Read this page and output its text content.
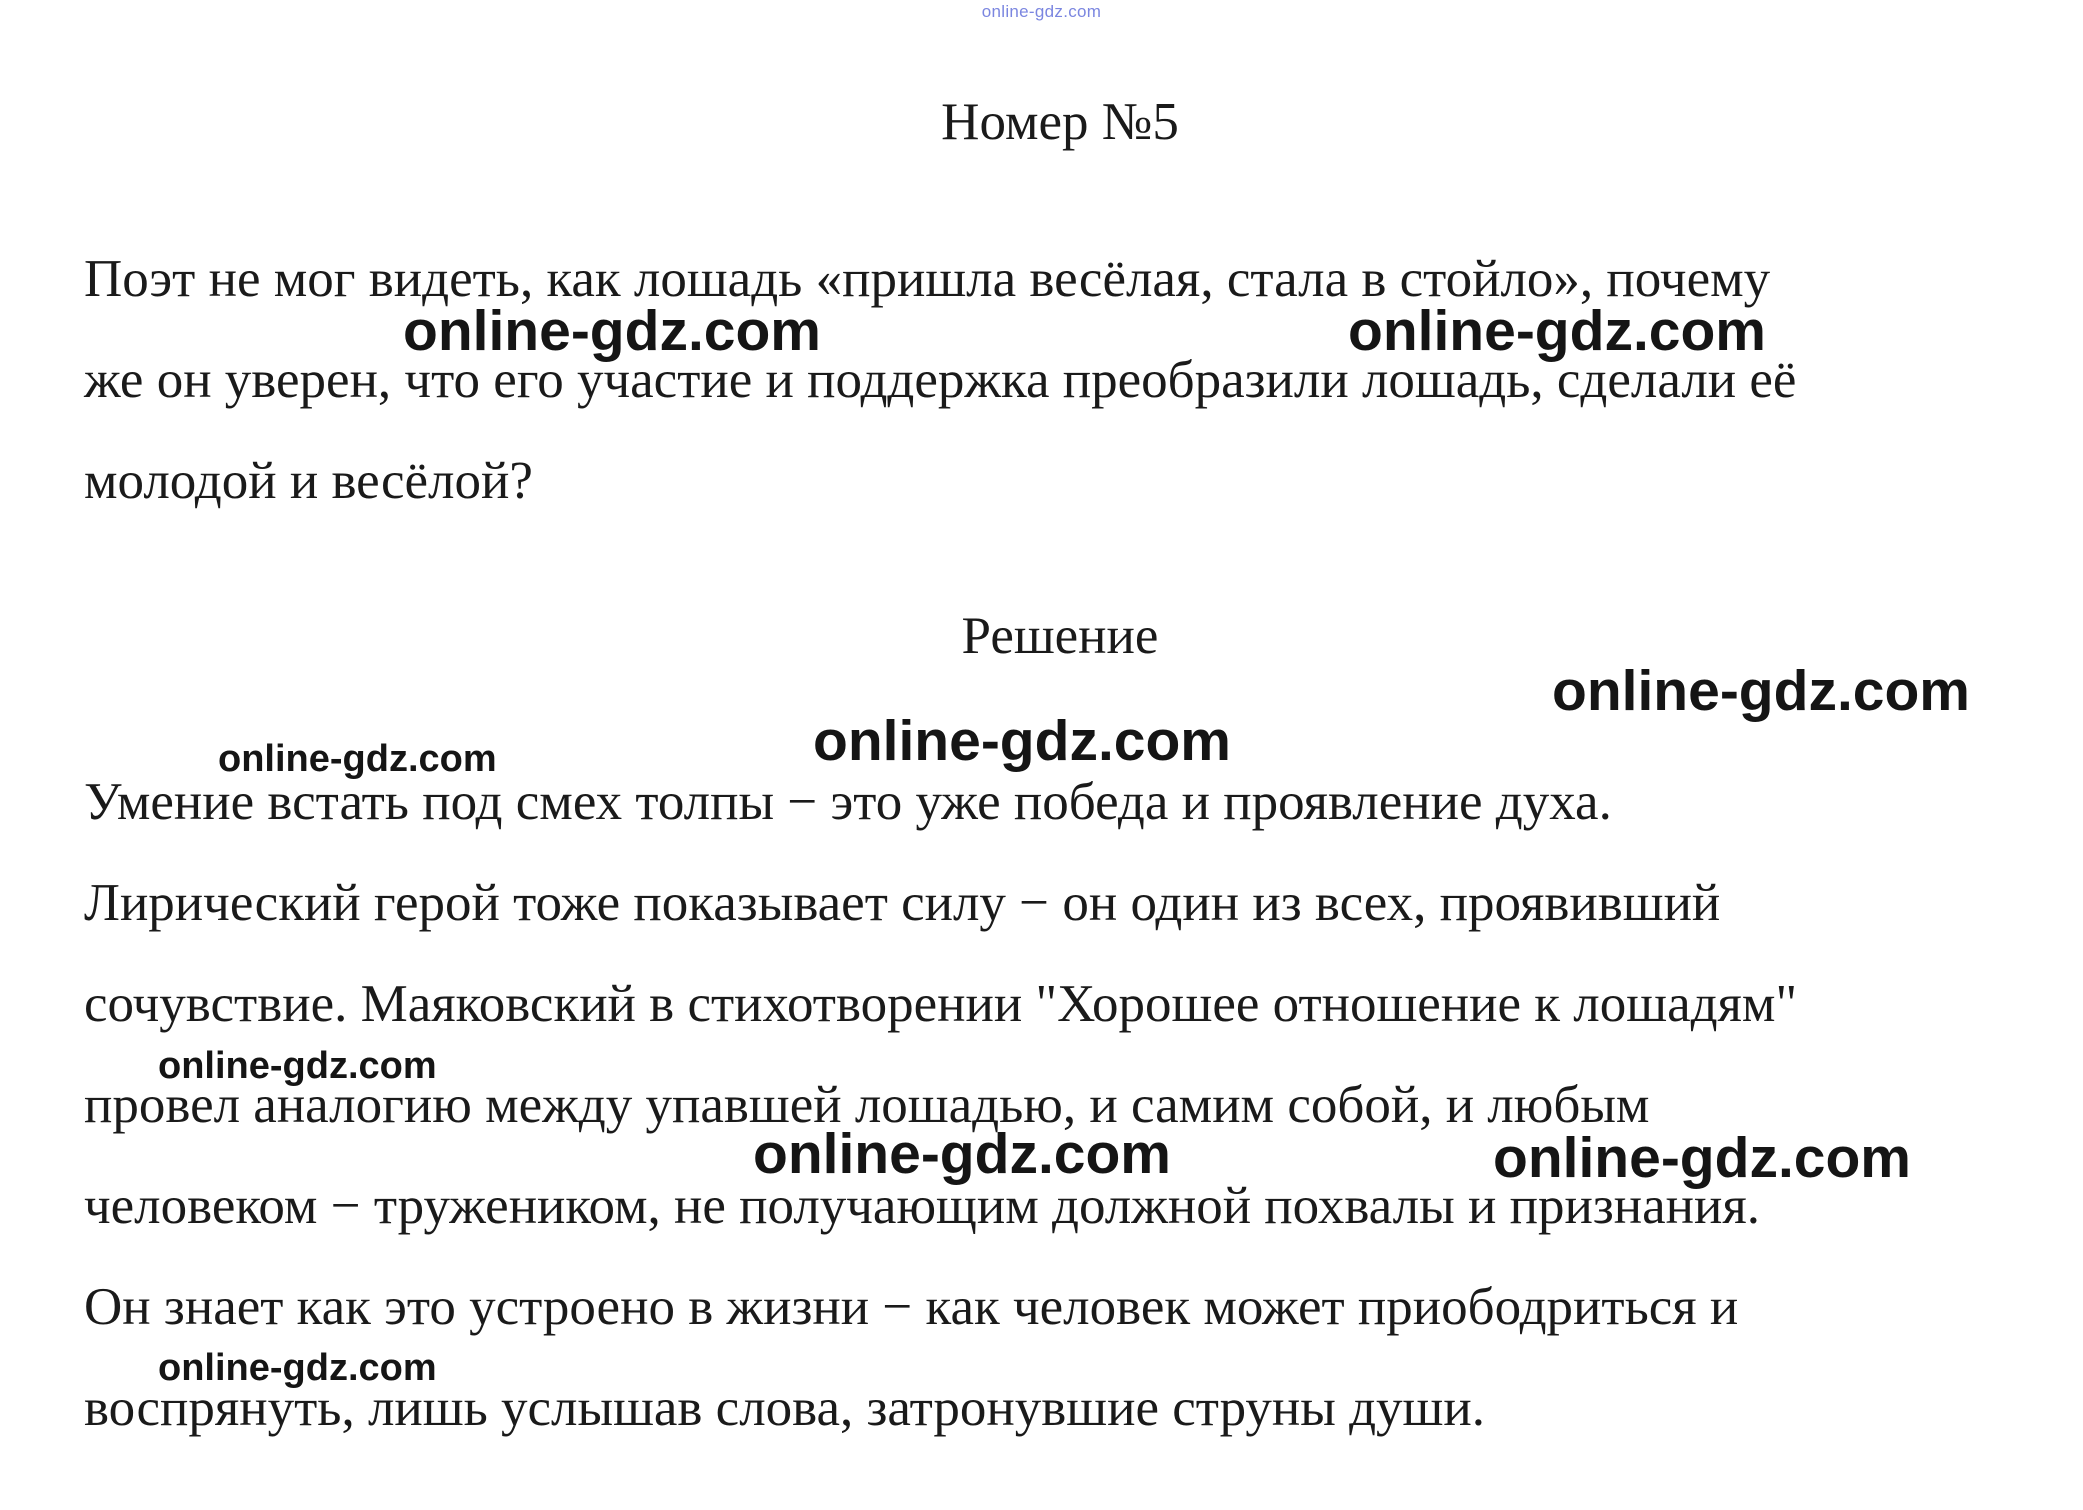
online-gdz.com
Номер №5
Поэт не мог видеть, как лошадь «пришла весёлая, стала в стойло», почему
же он уверен, что его участие и поддержка преобразили лошадь, сделали её
молодой и весёлой?
Решение
Умение встать под смех толпы − это уже победа и проявление духа.
Лирический герой тоже показывает силу − он один из всех, проявивший
сочувствие. Маяковский в стихотворении "Хорошее отношение к лошадям"
провел аналогию между упавшей лошадью, и самим собой, и любым
человеком − тружеником, не получающим должной похвалы и признания.
Он знает как это устроено в жизни − как человек может приободриться и
воспрянуть, лишь услышав слова, затронувшие струны души.
online-gdz.com	online-gdz.com
online-gdz.com
online-gdz.com
online-gdz.com
online-gdz.com
online-gdz.com	online-gdz.com
online-gdz.com
